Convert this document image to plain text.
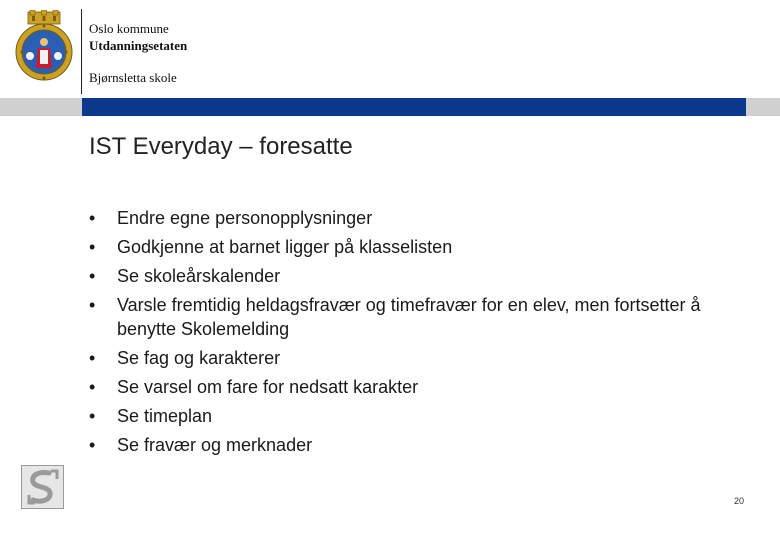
Oslo kommune
Utdanningsetaten
Bjørnsletta skole
IST Everyday – foresatte
• Endre egne personopplysninger
• Godkjenne at barnet ligger på klasselisten
• Se skoleårskalender
• Varsle fremtidig heldagsfravær og timefravær for en elev, men fortsetter å benytte Skolemelding
• Se fag og karakterer
• Se varsel om fare for nedsatt karakter
• Se timeplan
• Se fravær og merknader
20
